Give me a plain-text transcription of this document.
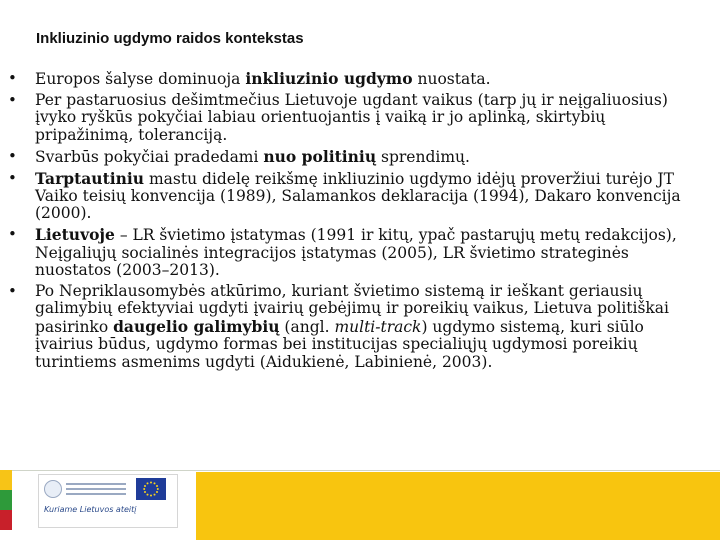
Inkliuzinio ugdymo raidos kontekstas
• Europos šalyse dominuoja inkliuzinio ugdymo nuostata.
• Per pastaruosius dešimtmečius Lietuvoje ugdant vaikus (tarp jų ir neįgaliuosius) įvyko ryškūs pokyčiai labiau orientuojantis į vaiką ir jo aplinką, skirtybių pripažinimą, toleranciją.
• Svarbūs pokyčiai pradedami nuo politinių sprendimų.
• Tarptautiniu mastu didelę reikšmę inkliuzinio ugdymo idėjų proveržiui turėjo JT Vaiko teisių konvencija (1989), Salamankos deklaracija (1994), Dakaro konvencija (2000).
• Lietuvoje – LR švietimo įstatymas (1991 ir kitų, ypač pastarųjų metų redakcijos), Neįgaliųjų socialinės integracijos įstatymas (2005), LR švietimo strateginės nuostatos (2003–2013).
• Po Nepriklausomybės atkūrimo, kuriant švietimo sistemą ir ieškant geriausių galimybių efektyviai ugdyti įvairių gebėjimų ir poreikių vaikus, Lietuva politiškai pasirinko daugelio galimybių (angl. multi-track) ugdymo sistemą, kuri siūlo įvairius būdus, ugdymo formas bei institucijas specialiųjų ugdymosi poreikių turintiems asmenims ugdyti (Aidukienė, Labinienė, 2003).
Kuriame Lietuvos ateitį
